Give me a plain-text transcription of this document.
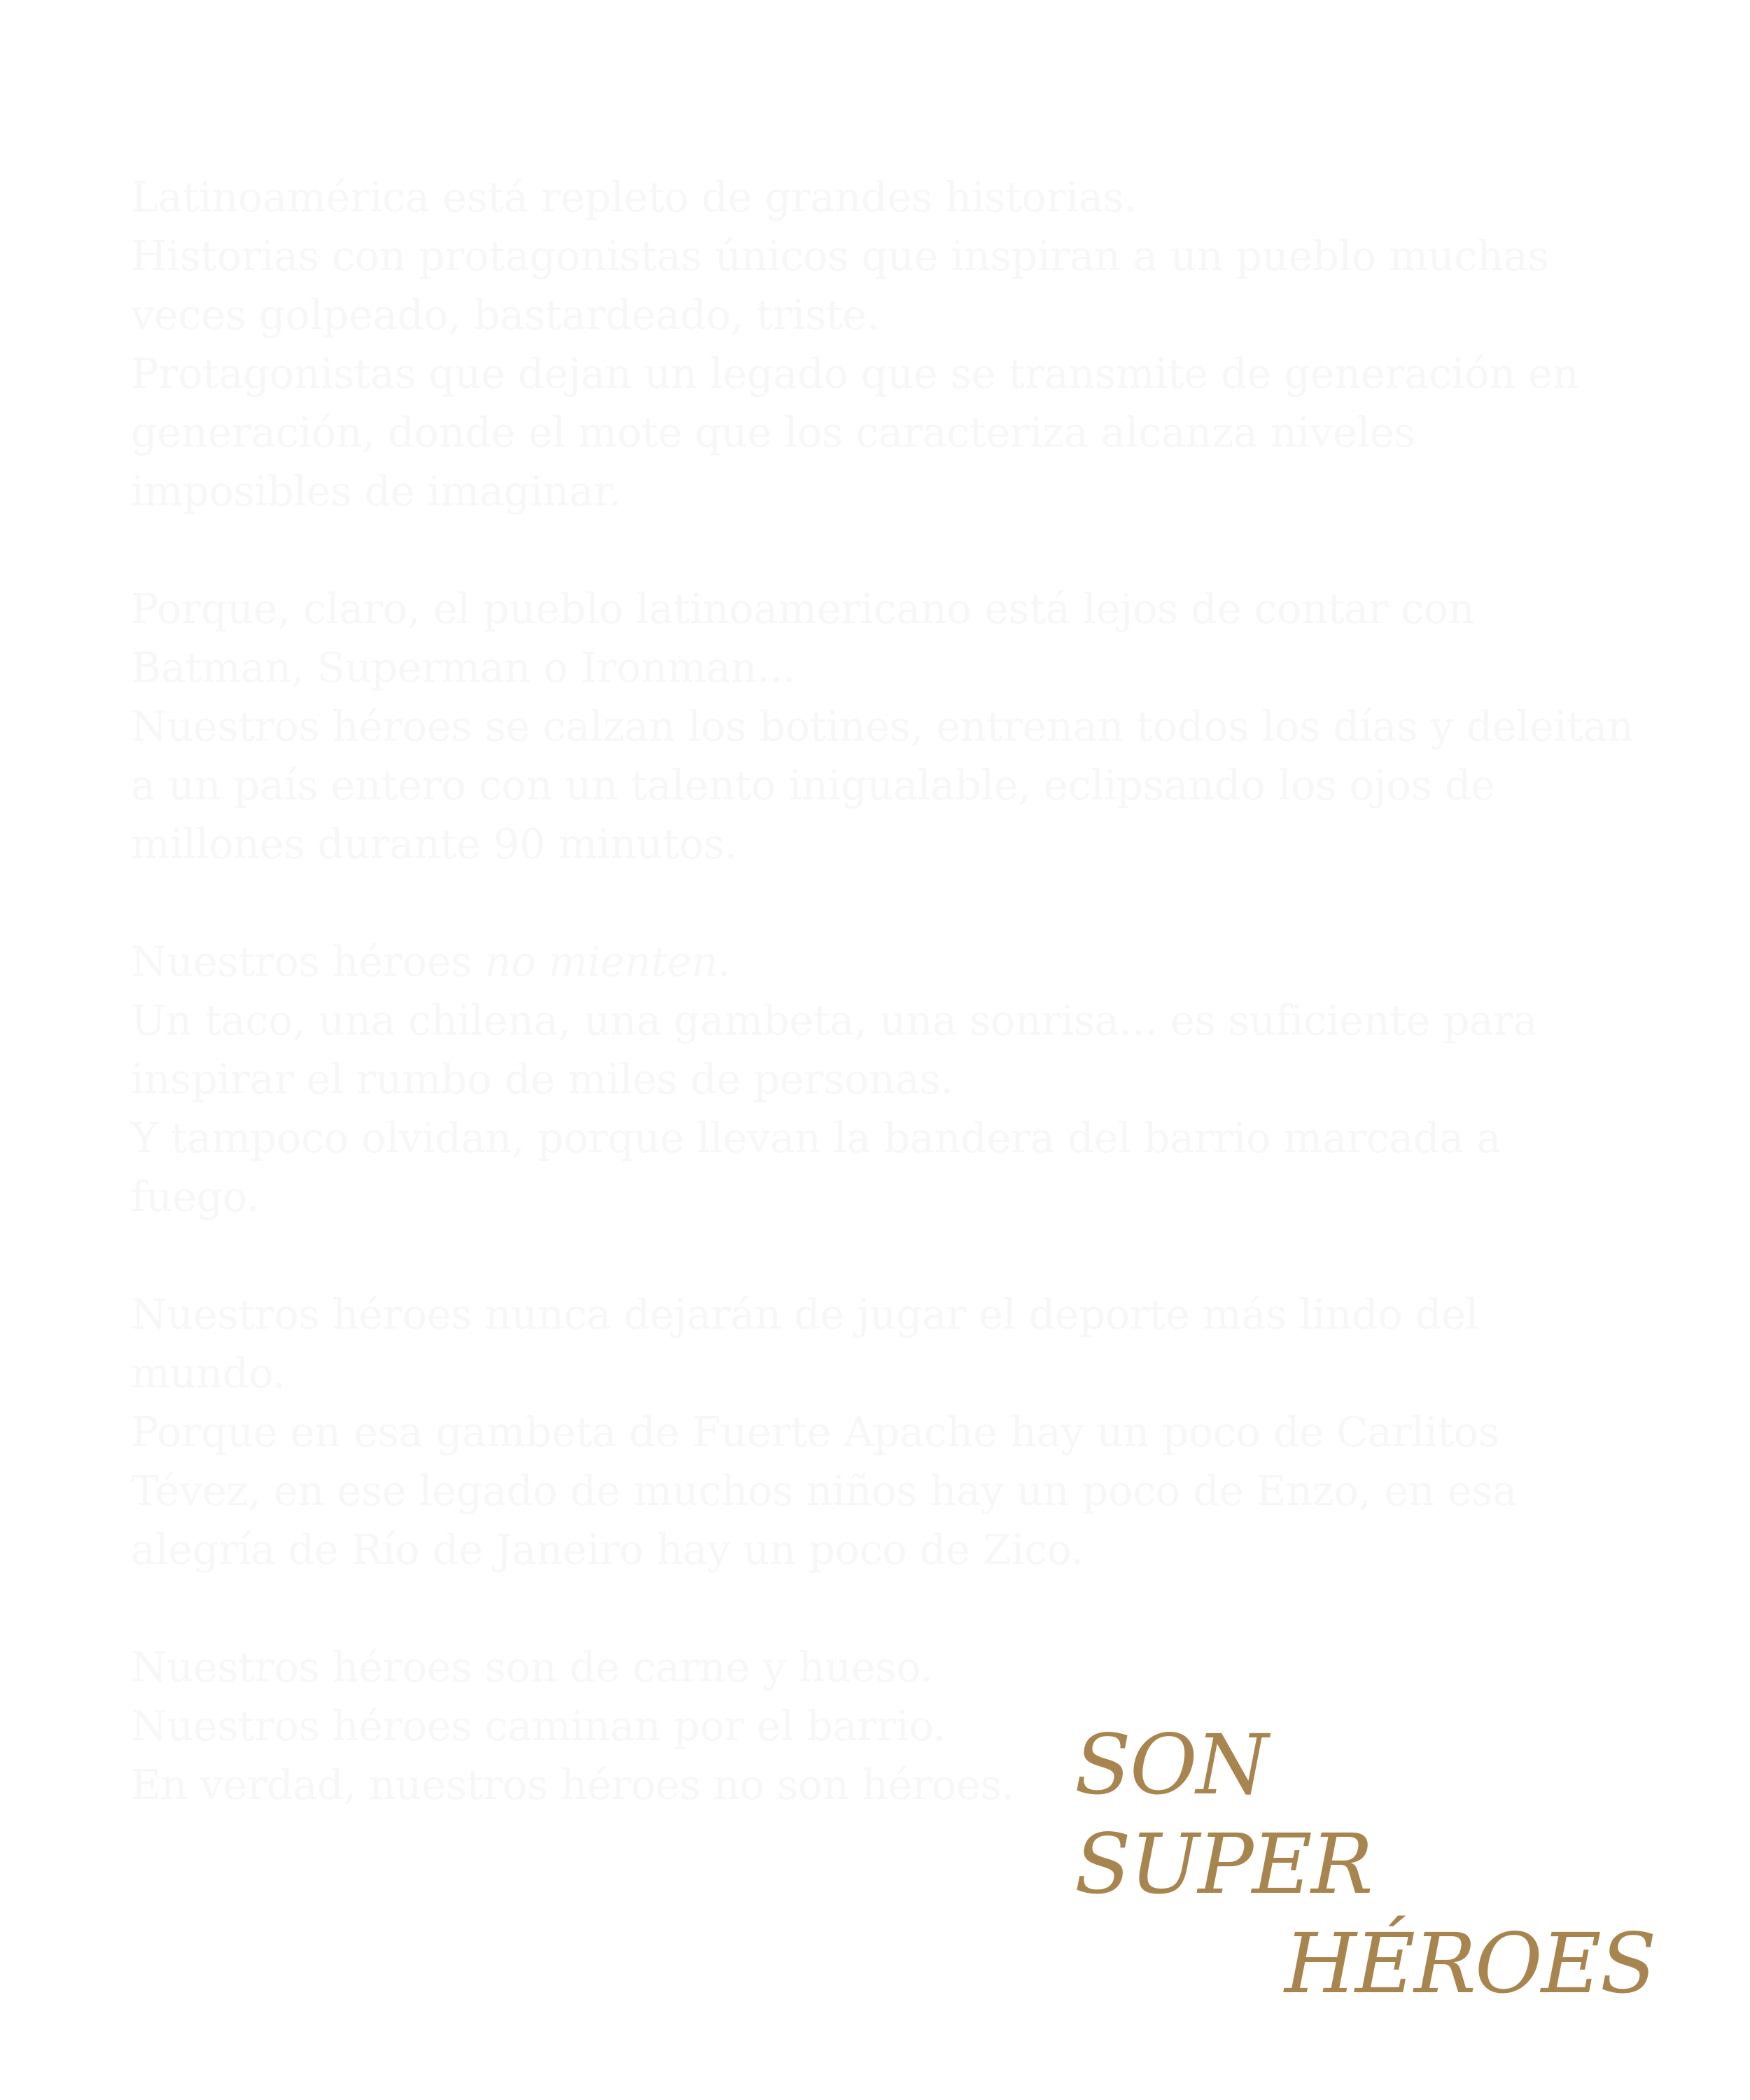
Latinoamérica está repleto de grandes historias.
Historias con protagonistas únicos que inspiran a un pueblo muchas veces golpeado, bastardeado, triste.
Protagonistas que dejan un legado que se transmite de generación en generación, donde el mote que los caracteriza alcanza niveles imposibles de imaginar.

Porque, claro, el pueblo latinoamericano está lejos de contar con Batman, Superman o Ironman...
Nuestros héroes se calzan los botines, entrenan todos los días y deleitan a un país entero con un talento inigualable, eclipsando los ojos de millones durante 90 minutos.

Nuestros héroes no mienten.
Un taco, una chilena, una gambeta, una sonrisa... es suficiente para inspirar el rumbo de miles de personas.
Y tampoco olvidan, porque llevan la bandera del barrio marcada a fuego.

Nuestros héroes nunca dejarán de jugar el deporte más lindo del mundo.
Porque en esa gambeta de Fuerte Apache hay un poco de Carlitos Tévez, en ese legado de muchos niños hay un poco de Enzo, en esa alegría de Río de Janeiro hay un poco de Zico.

Nuestros héroes son de carne y hueso.
Nuestros héroes caminan por el barrio.
En verdad, nuestros héroes no son héroes. SON
SUPER
HÉROES
